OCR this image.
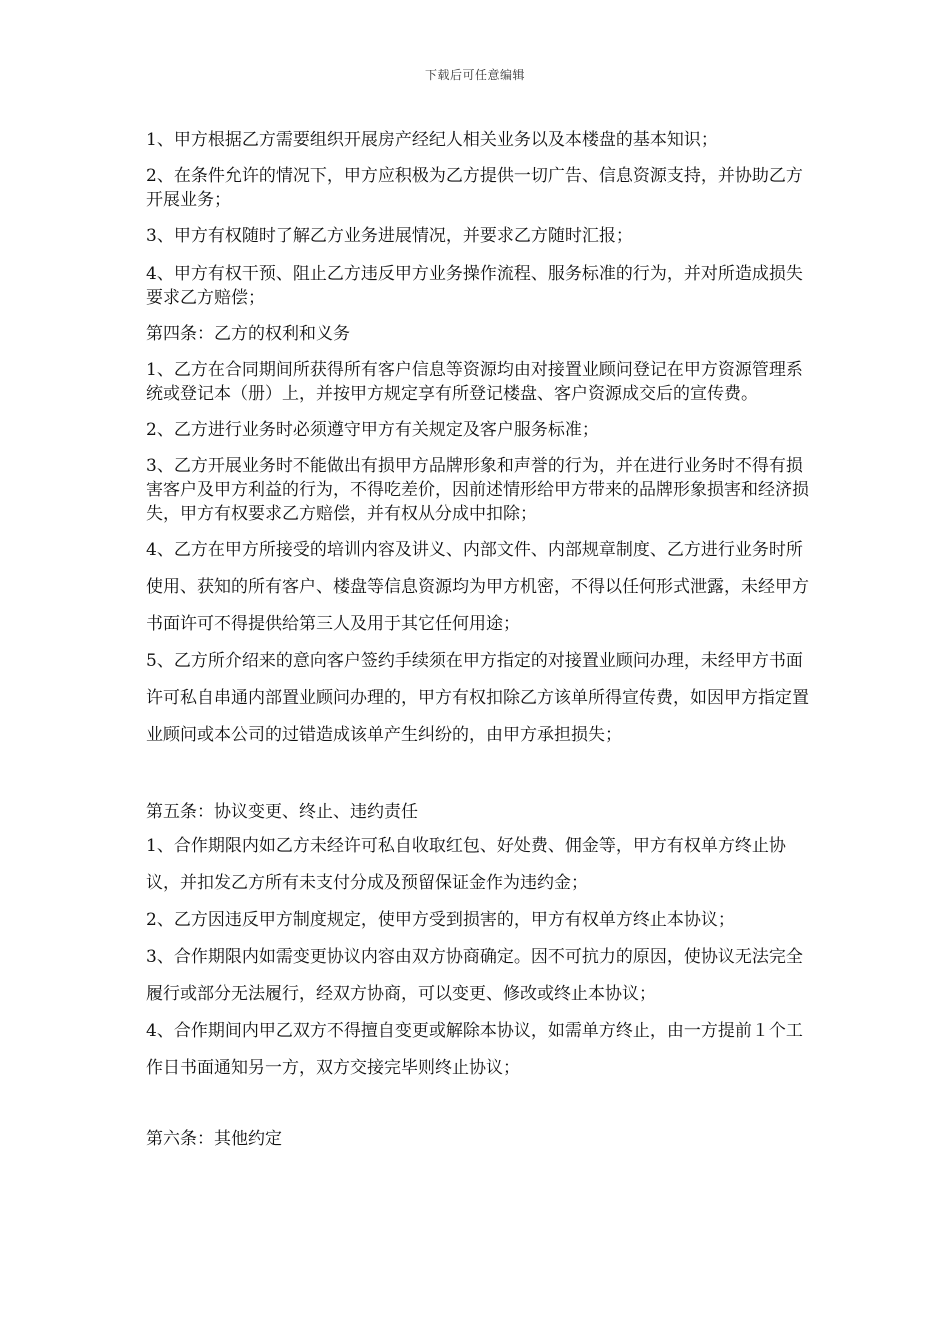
下载后可任意编辑

1、甲方根据乙方需要组织开展房产经纪人相关业务以及本楼盘的基本知识；

2、在条件允许的情况下，甲方应积极为乙方提供一切广告、信息资源支持，并协助乙方开展业务；

3、甲方有权随时了解乙方业务进展情况，并要求乙方随时汇报；

4、甲方有权干预、阻止乙方违反甲方业务操作流程、服务标准的行为，并对所造成损失要求乙方赔偿；

第四条：乙方的权利和义务

1、乙方在合同期间所获得所有客户信息等资源均由对接置业顾问登记在甲方资源管理系统或登记本（册）上，并按甲方规定享有所登记楼盘、客户资源成交后的宣传费。

2、乙方进行业务时必须遵守甲方有关规定及客户服务标准；

3、乙方开展业务时不能做出有损甲方品牌形象和声誉的行为，并在进行业务时不得有损害客户及甲方利益的行为，不得吃差价，因前述情形给甲方带来的品牌形象损害和经济损失，甲方有权要求乙方赔偿，并有权从分成中扣除；

4、乙方在甲方所接受的培训内容及讲义、内部文件、内部规章制度、乙方进行业务时所使用、获知的所有客户、楼盘等信息资源均为甲方机密，不得以任何形式泄露，未经甲方书面许可不得提供给第三人及用于其它任何用途；

5、乙方所介绍来的意向客户签约手续须在甲方指定的对接置业顾问办理，未经甲方书面许可私自串通内部置业顾问办理的，甲方有权扣除乙方该单所得宣传费，如因甲方指定置业顾问或本公司的过错造成该单产生纠纷的，由甲方承担损失；

第五条：协议变更、终止、违约责任

1、合作期限内如乙方未经许可私自收取红包、好处费、佣金等，甲方有权单方终止协议，并扣发乙方所有未支付分成及预留保证金作为违约金；

2、乙方因违反甲方制度规定，使甲方受到损害的，甲方有权单方终止本协议；

3、合作期限内如需变更协议内容由双方协商确定。因不可抗力的原因，使协议无法完全履行或部分无法履行，经双方协商，可以变更、修改或终止本协议；

4、合作期间内甲乙双方不得擅自变更或解除本协议，如需单方终止，由一方提前１个工作日书面通知另一方，双方交接完毕则终止协议；

第六条：其他约定
